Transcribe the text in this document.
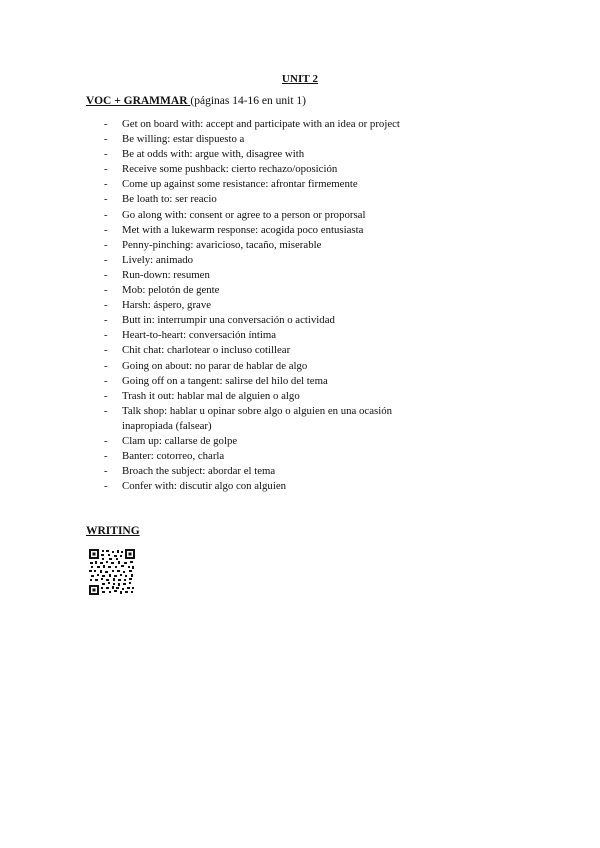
UNIT 2
VOC + GRAMMAR (páginas 14-16 en unit 1)
- Get on board with: accept and participate with an idea or project
- Be willing: estar dispuesto a
- Be at odds with: argue with, disagree with
- Receive some pushback: cierto rechazo/oposición
- Come up against some resistance: afrontar firmemente
- Be loath to: ser reacio
- Go along with: consent or agree to a person or proporsal
- Met with a lukewarm response: acogida poco entusiasta
- Penny-pinching: avaricioso, tacaño, miserable
- Lively: animado
- Run-down: resumen
- Mob: pelotón de gente
- Harsh: áspero, grave
- Butt in: interrumpir una conversación o actividad
- Heart-to-heart: conversación íntima
- Chit chat: charlotear o incluso cotillear
- Going on about: no parar de hablar de algo
- Going off on a tangent: salirse del hilo del tema
- Trash it out: hablar mal de alguien o algo
- Talk shop: hablar u opinar sobre algo o alguien en una ocasión inapropiada (falsear)
- Clam up: callarse de golpe
- Banter: cotorreo, charla
- Broach the subject: abordar el tema
- Confer with: discutir algo con alguien
WRITING
